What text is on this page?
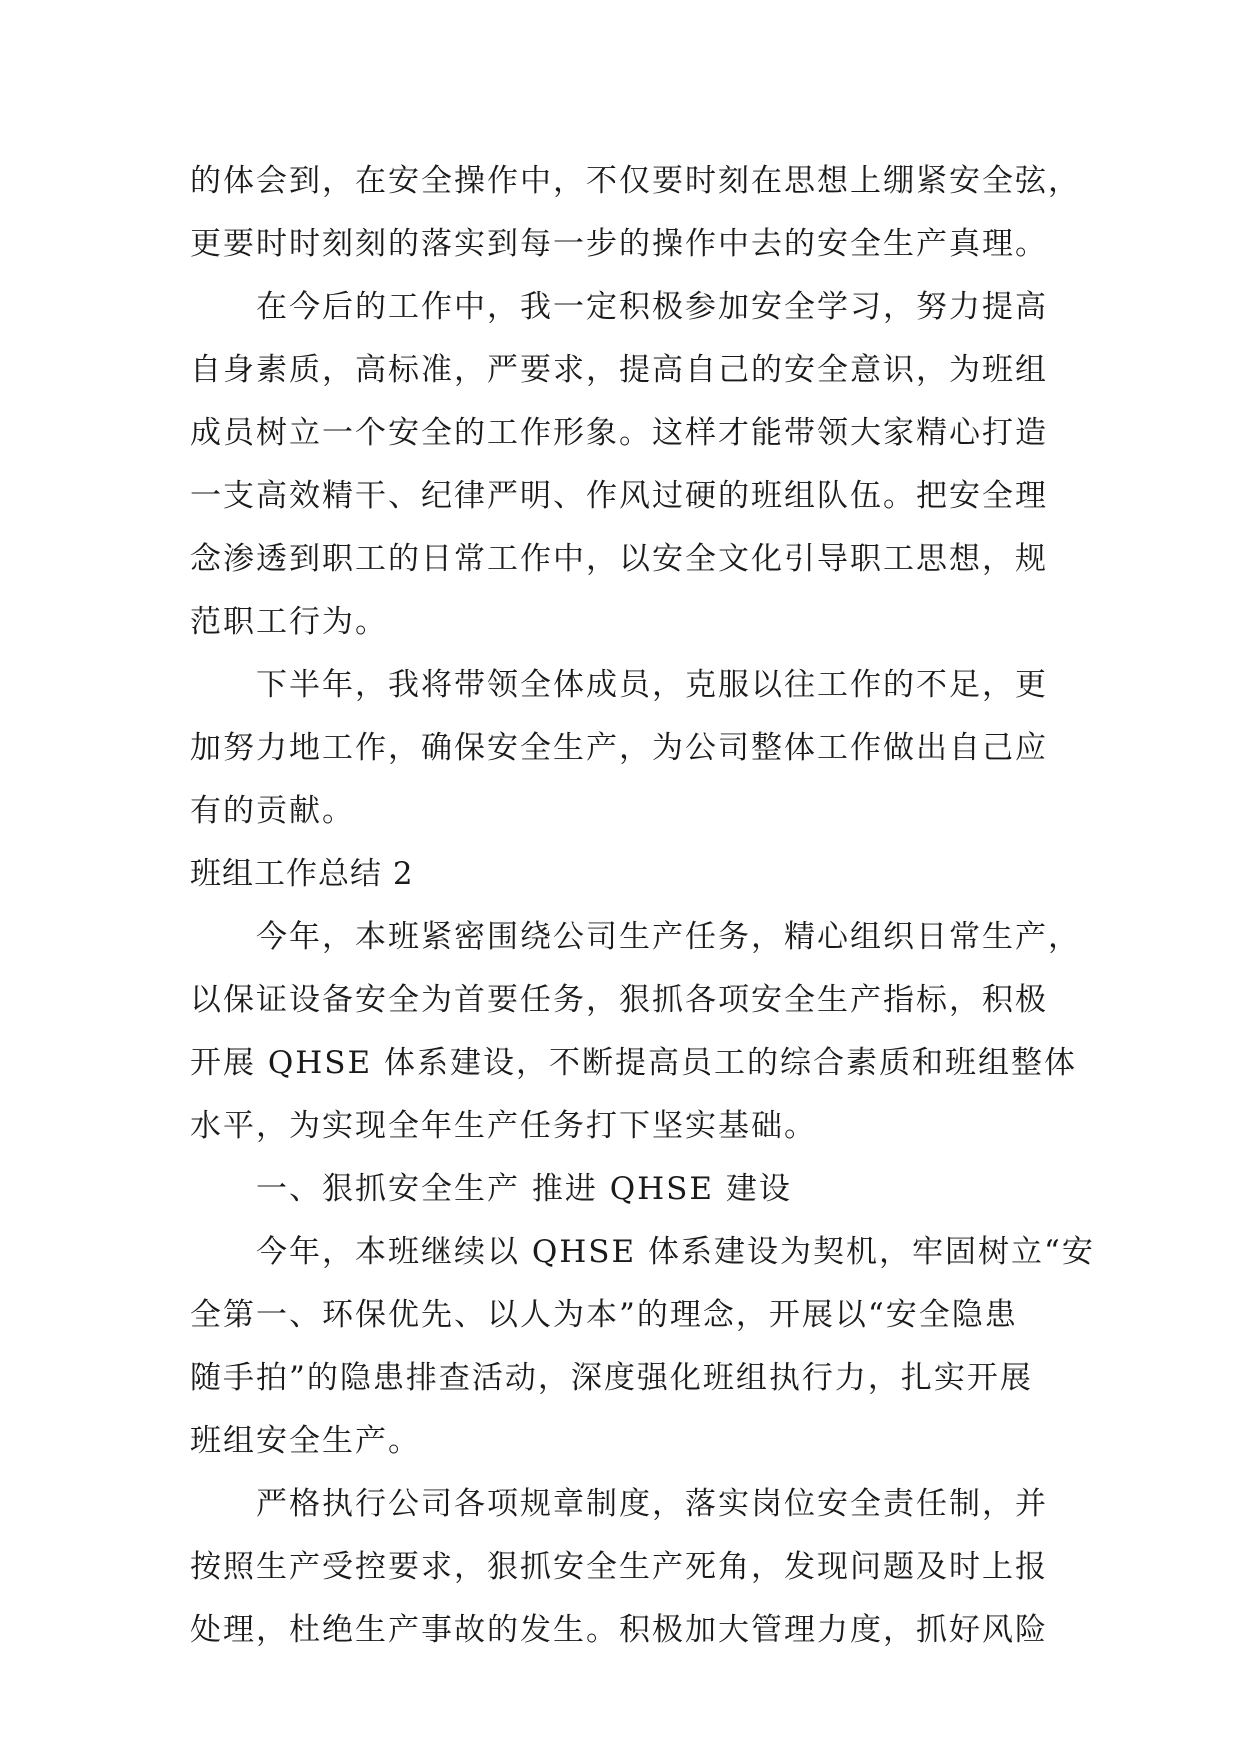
的体会到，在安全操作中，不仅要时刻在思想上绷紧安全弦，
更要时时刻刻的落实到每一步的操作中去的安全生产真理。
在今后的工作中，我一定积极参加安全学习，努力提高
自身素质，高标准，严要求，提高自己的安全意识，为班组
成员树立一个安全的工作形象。这样才能带领大家精心打造
一支高效精干、纪律严明、作风过硬的班组队伍。把安全理
念渗透到职工的日常工作中，以安全文化引导职工思想，规
范职工行为。
下半年，我将带领全体成员，克服以往工作的不足，更
加努力地工作，确保安全生产，为公司整体工作做出自己应
有的贡献。
班组工作总结 2
今年，本班紧密围绕公司生产任务，精心组织日常生产，
以保证设备安全为首要任务，狠抓各项安全生产指标，积极
开展 QHSE 体系建设，不断提高员工的综合素质和班组整体
水平，为实现全年生产任务打下坚实基础。
一、狠抓安全生产 推进 QHSE 建设
今年，本班继续以 QHSE 体系建设为契机，牢固树立“安
全第一、环保优先、以人为本”的理念，开展以“安全隐患
随手拍”的隐患排查活动，深度强化班组执行力，扎实开展
班组安全生产。
严格执行公司各项规章制度，落实岗位安全责任制，并
按照生产受控要求，狠抓安全生产死角，发现问题及时上报
处理，杜绝生产事故的发生。积极加大管理力度，抓好风险
